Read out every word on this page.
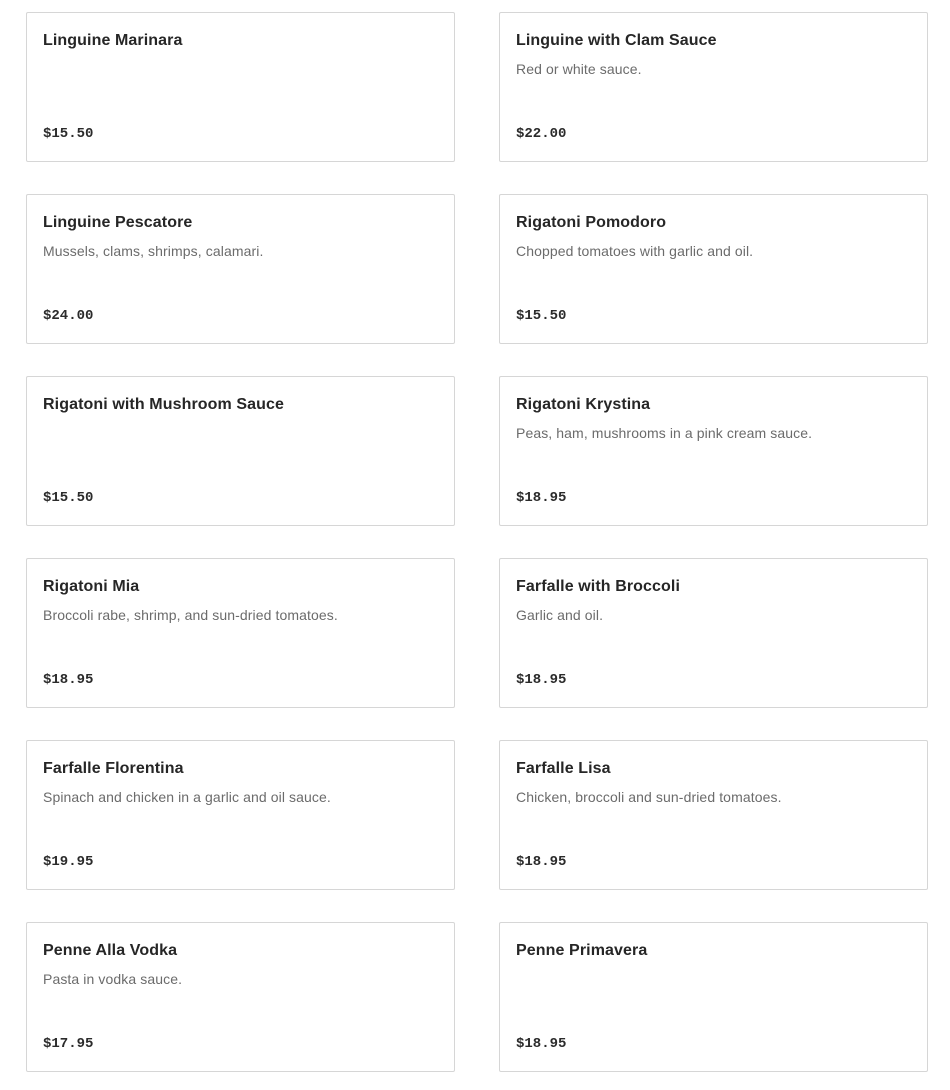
Linguine Marinara
$15.50
Linguine with Clam Sauce
Red or white sauce.
$22.00
Linguine Pescatore
Mussels, clams, shrimps, calamari.
$24.00
Rigatoni Pomodoro
Chopped tomatoes with garlic and oil.
$15.50
Rigatoni with Mushroom Sauce
$15.50
Rigatoni Krystina
Peas, ham, mushrooms in a pink cream sauce.
$18.95
Rigatoni Mia
Broccoli rabe, shrimp, and sun-dried tomatoes.
$18.95
Farfalle with Broccoli
Garlic and oil.
$18.95
Farfalle Florentina
Spinach and chicken in a garlic and oil sauce.
$19.95
Farfalle Lisa
Chicken, broccoli and sun-dried tomatoes.
$18.95
Penne Alla Vodka
Pasta in vodka sauce.
$17.95
Penne Primavera
$18.95
